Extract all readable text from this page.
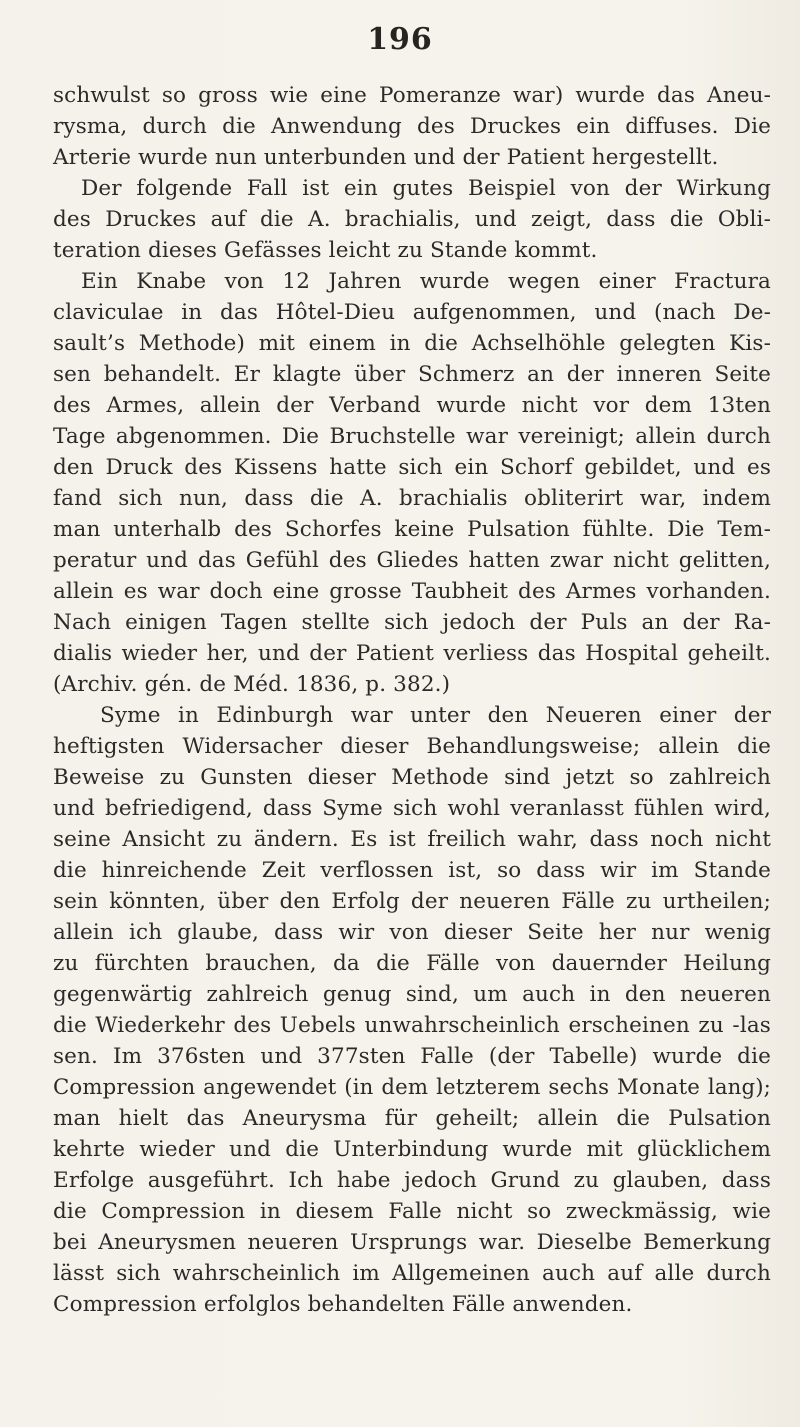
196
schwulst so gross wie eine Pomeranze war) wurde das Aneu-
rysma, durch die Anwendung des Druckes ein diffuses. Die
Arterie wurde nun unterbunden und der Patient hergestellt.
Der folgende Fall ist ein gutes Beispiel von der Wirkung
des Druckes auf die A. brachialis, und zeigt, dass die Obli-
teration dieses Gefässes leicht zu Stande kommt.
Ein Knabe von 12 Jahren wurde wegen einer Fractura
claviculae in das Hôtel-Dieu aufgenommen, und (nach De-
sault’s Methode) mit einem in die Achselhöhle gelegten Kis-
sen behandelt. Er klagte über Schmerz an der inneren Seite
des Armes, allein der Verband wurde nicht vor dem 13ten
Tage abgenommen. Die Bruchstelle war vereinigt; allein durch
den Druck des Kissens hatte sich ein Schorf gebildet, und es
fand sich nun, dass die A. brachialis obliterirt war, indem
man unterhalb des Schorfes keine Pulsation fühlte. Die Tem-
peratur und das Gefühl des Gliedes hatten zwar nicht gelitten,
allein es war doch eine grosse Taubheit des Armes vorhanden.
Nach einigen Tagen stellte sich jedoch der Puls an der Ra-
dialis wieder her, und der Patient verliess das Hospital geheilt.
(Archiv. gén. de Méd. 1836, p. 382.)
Syme in Edinburgh war unter den Neueren einer der
heftigsten Widersacher dieser Behandlungsweise; allein die
Beweise zu Gunsten dieser Methode sind jetzt so zahlreich
und befriedigend, dass Syme sich wohl veranlasst fühlen wird,
seine Ansicht zu ändern. Es ist freilich wahr, dass noch nicht
die hinreichende Zeit verflossen ist, so dass wir im Stande
sein könnten, über den Erfolg der neueren Fälle zu urtheilen;
allein ich glaube, dass wir von dieser Seite her nur wenig
zu fürchten brauchen, da die Fälle von dauernder Heilung
gegenwärtig zahlreich genug sind, um auch in den neueren
die Wiederkehr des Uebels unwahrscheinlich erscheinen zu -las
sen. Im 376sten und 377sten Falle (der Tabelle) wurde die
Compression angewendet (in dem letzterem sechs Monate lang);
man hielt das Aneurysma für geheilt; allein die Pulsation
kehrte wieder und die Unterbindung wurde mit glücklichem
Erfolge ausgeführt. Ich habe jedoch Grund zu glauben, dass
die Compression in diesem Falle nicht so zweckmässig, wie
bei Aneurysmen neueren Ursprungs war. Dieselbe Bemerkung
lässt sich wahrscheinlich im Allgemeinen auch auf alle durch
Compression erfolglos behandelten Fälle anwenden.
